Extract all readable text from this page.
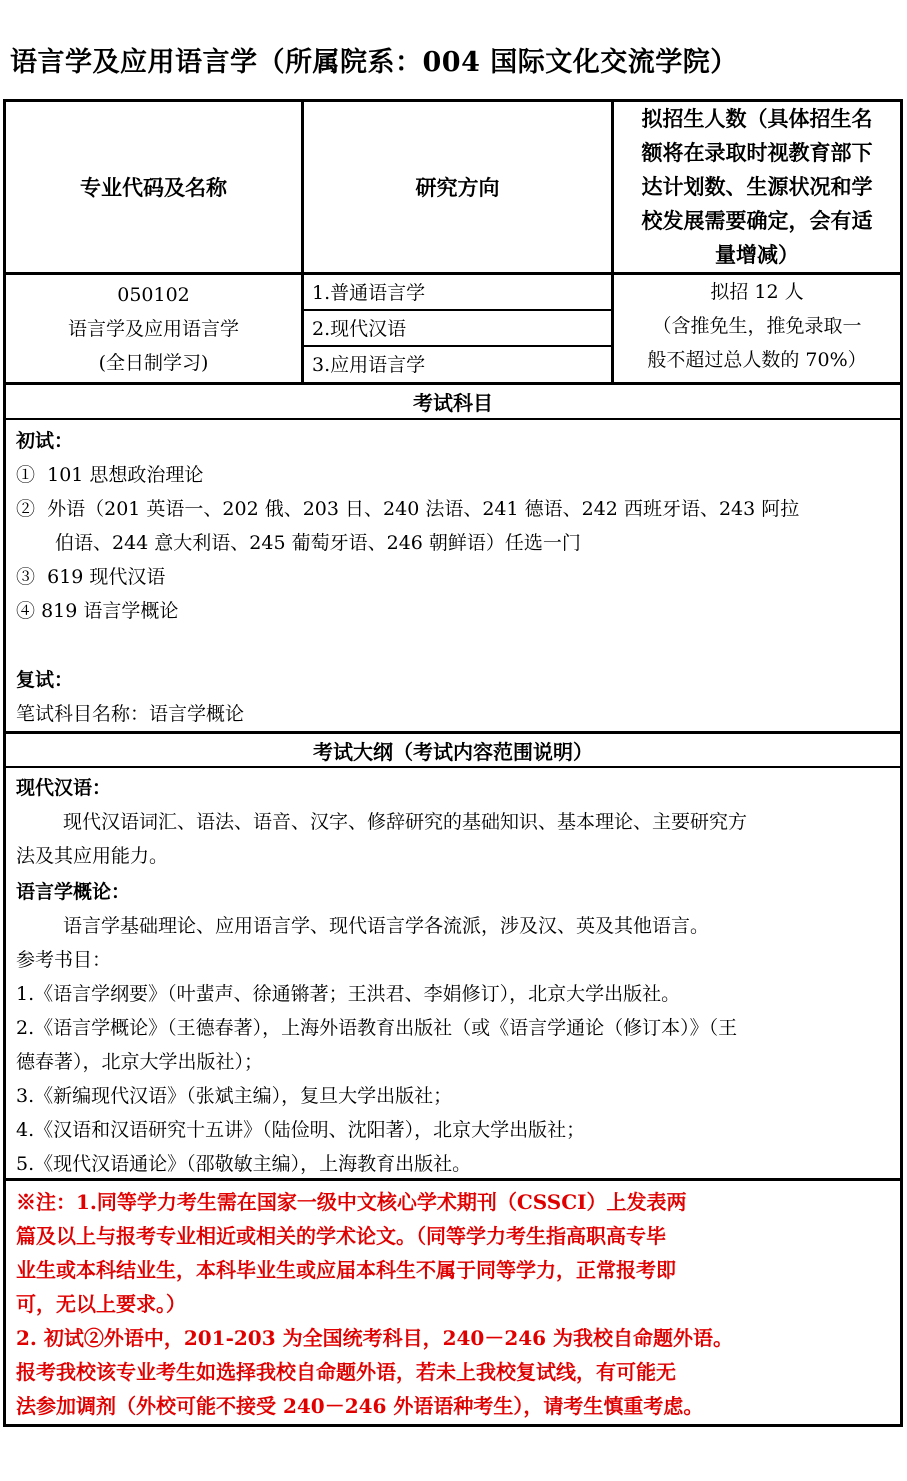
语言学及应用语言学（所属院系：004 国际文化交流学院）
专业代码及名称	研究方向
拟招生人数（具体招生名
额将在录取时视教育部下
达计划数、生源状况和学
校发展需要确定，会有适
量增减）
050102
语言学及应用语言学
(全日制学习)
1.普通语言学
2.现代汉语
3.应用语言学
拟招 12 人
（含推免生，推免录取一
般不超过总人数的 70%）
考试科目
初试：
① 101 思想政治理论
② 外语（201 英语一、202 俄、203 日、240 法语、241 德语、242 西班牙语、243 阿拉
伯语、244 意大利语、245 葡萄牙语、246 朝鲜语）任选一门
③ 619 现代汉语
④ 819 语言学概论
复试：
笔试科目名称：语言学概论
考试大纲（考试内容范围说明）
现代汉语：
现代汉语词汇、语法、语音、汉字、修辞研究的基础知识、基本理论、主要研究方
法及其应用能力。
语言学概论：
语言学基础理论、应用语言学、现代语言学各流派，涉及汉、英及其他语言。
参考书目：
1.《语言学纲要》（叶蜚声、徐通锵著；王洪君、李娟修订），北京大学出版社。
2.《语言学概论》（王德春著），上海外语教育出版社（或《语言学通论（修订本）》（王
德春著），北京大学出版社）；
3.《新编现代汉语》（张斌主编），复旦大学出版社；
4.《汉语和汉语研究十五讲》（陆俭明、沈阳著），北京大学出版社；
5.《现代汉语通论》（邵敬敏主编），上海教育出版社。
※注：1.同等学力考生需在国家一级中文核心学术期刊（CSSCI）上发表两
篇及以上与报考专业相近或相关的学术论文。（同等学力考生指高职高专毕
业生或本科结业生，本科毕业生或应届本科生不属于同等学力，正常报考即
可，无以上要求。）
2. 初试②外语中，201-203 为全国统考科目，240－246 为我校自命题外语。
报考我校该专业考生如选择我校自命题外语，若未上我校复试线，有可能无
法参加调剂（外校可能不接受 240－246 外语语种考生），请考生慎重考虑。
